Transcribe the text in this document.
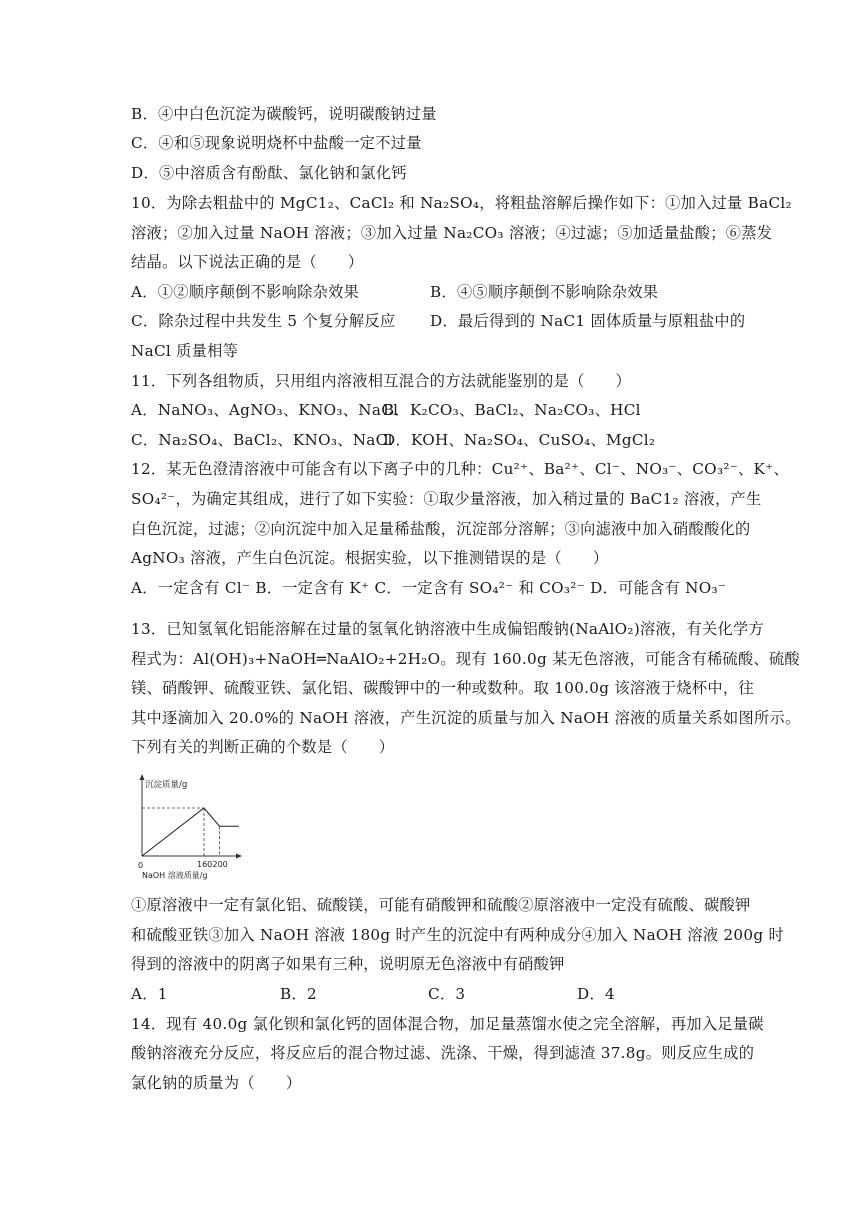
B．④中白色沉淀为碳酸钙，说明碳酸钠过量
C．④和⑤现象说明烧杯中盐酸一定不过量
D．⑤中溶质含有酚酞、氯化钠和氯化钙
10．为除去粗盐中的 MgC1₂、CaCl₂ 和 Na₂SO₄，将粗盐溶解后操作如下：①加入过量 BaCl₂
溶液；②加入过量 NaOH 溶液；③加入过量 Na₂CO₃ 溶液；④过滤；⑤加适量盐酸；⑥蒸发
结晶。以下说法正确的是（　　）
A．①②顺序颠倒不影响除杂效果	B．④⑤顺序颠倒不影响除杂效果
C．除杂过程中共发生 5 个复分解反应 D．最后得到的 NaC1 固体质量与原粗盐中的
NaCl 质量相等
11．下列各组物质，只用组内溶液相互混合的方法就能鉴别的是（　　）
A．NaNO₃、AgNO₃、KNO₃、NaCl
B．K₂CO₃、BaCl₂、Na₂CO₃、HCl
C．Na₂SO₄、BaCl₂、KNO₃、NaCl
D．KOH、Na₂SO₄、CuSO₄、MgCl₂
12．某无色澄清溶液中可能含有以下离子中的几种：Cu²⁺、Ba²⁺、Cl⁻、NO₃⁻、CO₃²⁻、K⁺、
SO₄²⁻，为确定其组成，进行了如下实验：①取少量溶液，加入稍过量的 BaC1₂ 溶液，产生
白色沉淀，过滤；②向沉淀中加入足量稀盐酸，沉淀部分溶解；③向滤液中加入硝酸酸化的
AgNO₃ 溶液，产生白色沉淀。根据实验，以下推测错误的是（　　）
A．一定含有 Cl⁻ B．一定含有 K⁺ C．一定含有 SO₄²⁻ 和 CO₃²⁻ D．可能含有 NO₃⁻
13．已知氢氧化铝能溶解在过量的氢氧化钠溶液中生成偏铝酸钠(NaAlO₂)溶液，有关化学方
程式为：Al(OH)₃+NaOH═NaAlO₂+2H₂O。现有 160.0g 某无色溶液，可能含有稀硫酸、硫酸
镁、硝酸钾、硫酸亚铁、氯化铝、碳酸钾中的一种或数种。取 100.0g 该溶液于烧杯中，往
其中逐滴加入 20.0%的 NaOH 溶液，产生沉淀的质量与加入 NaOH 溶液的质量关系如图所示。
下列有关的判断正确的个数是（　　）
沉淀质量/g
NaOH 溶液质量/g
0	160 200
①原溶液中一定有氯化铝、硫酸镁，可能有硝酸钾和硫酸②原溶液中一定没有硫酸、碳酸钾
和硫酸亚铁③加入 NaOH 溶液 180g 时产生的沉淀中有两种成分④加入 NaOH 溶液 200g 时
得到的溶液中的阴离子如果有三种，说明原无色溶液中有硝酸钾
A．1	B．2	C．3	D．4
14．现有 40.0g 氯化钡和氯化钙的固体混合物，加足量蒸馏水使之完全溶解，再加入足量碳
酸钠溶液充分反应，将反应后的混合物过滤、洗涤、干燥，得到滤渣 37.8g。则反应生成的
氯化钠的质量为（　　）
